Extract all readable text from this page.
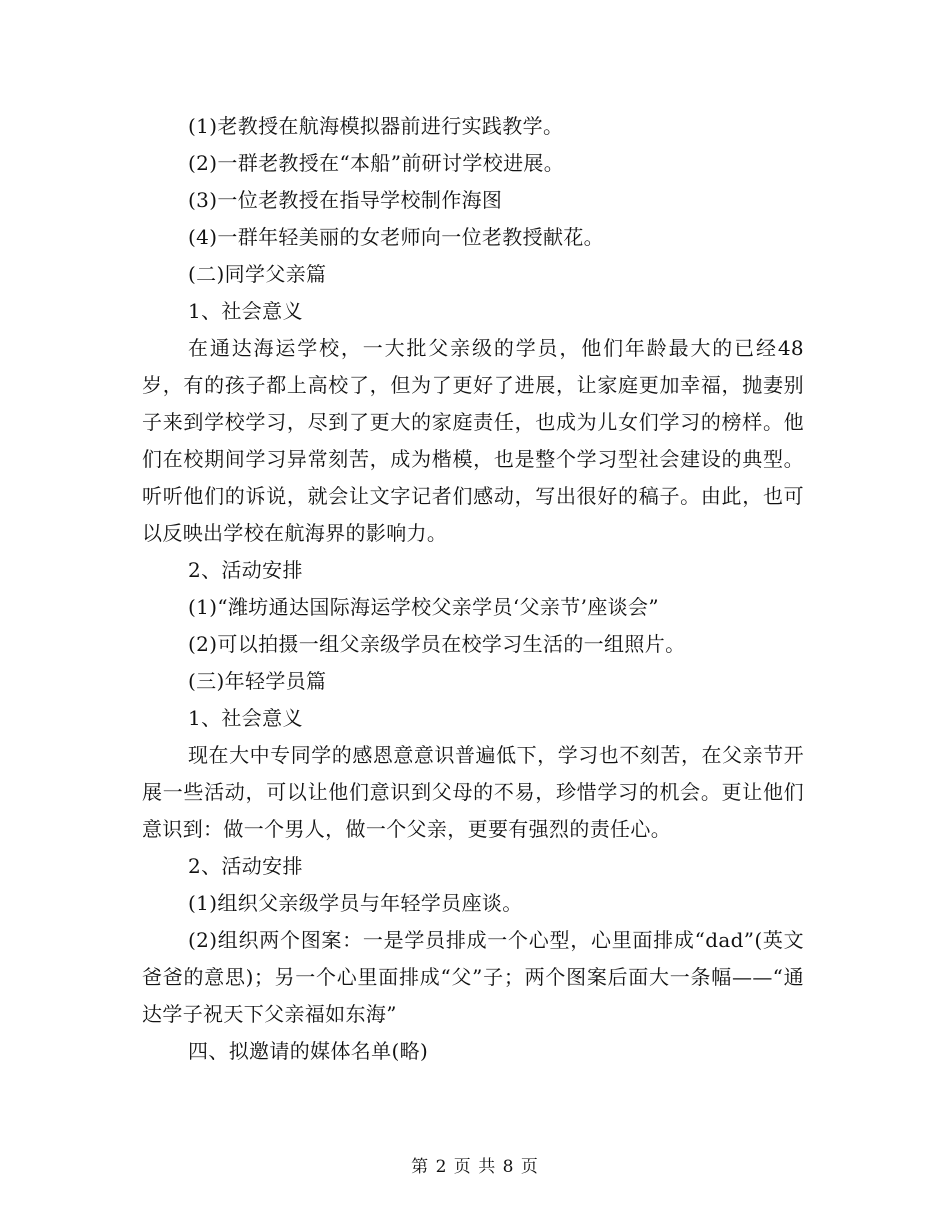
(1)老教授在航海模拟器前进行实践教学。

(2)一群老教授在“本船”前研讨学校进展。

(3)一位老教授在指导学校制作海图

(4)一群年轻美丽的女老师向一位老教授献花。

(二)同学父亲篇

1、社会意义

在通达海运学校，一大批父亲级的学员，他们年龄最大的已经48岁，有的孩子都上高校了，但为了更好了进展，让家庭更加幸福，抛妻别子来到学校学习，尽到了更大的家庭责任，也成为儿女们学习的榜样。他们在校期间学习异常刻苦，成为楷模，也是整个学习型社会建设的典型。听听他们的诉说，就会让文字记者们感动，写出很好的稿子。由此，也可以反映出学校在航海界的影响力。

2、活动安排

(1)“潍坊通达国际海运学校父亲学员‘父亲节’座谈会”

(2)可以拍摄一组父亲级学员在校学习生活的一组照片。

(三)年轻学员篇

1、社会意义

现在大中专同学的感恩意意识普遍低下，学习也不刻苦，在父亲节开展一些活动，可以让他们意识到父母的不易，珍惜学习的机会。更让他们意识到：做一个男人，做一个父亲，更要有强烈的责任心。

2、活动安排

(1)组织父亲级学员与年轻学员座谈。

(2)组织两个图案：一是学员排成一个心型，心里面排成“dad”(英文爸爸的意思)；另一个心里面排成“父”子；两个图案后面大一条幅——“通达学子祝天下父亲福如东海”

四、拟邀请的媒体名单(略)

第 2 页 共 8 页
